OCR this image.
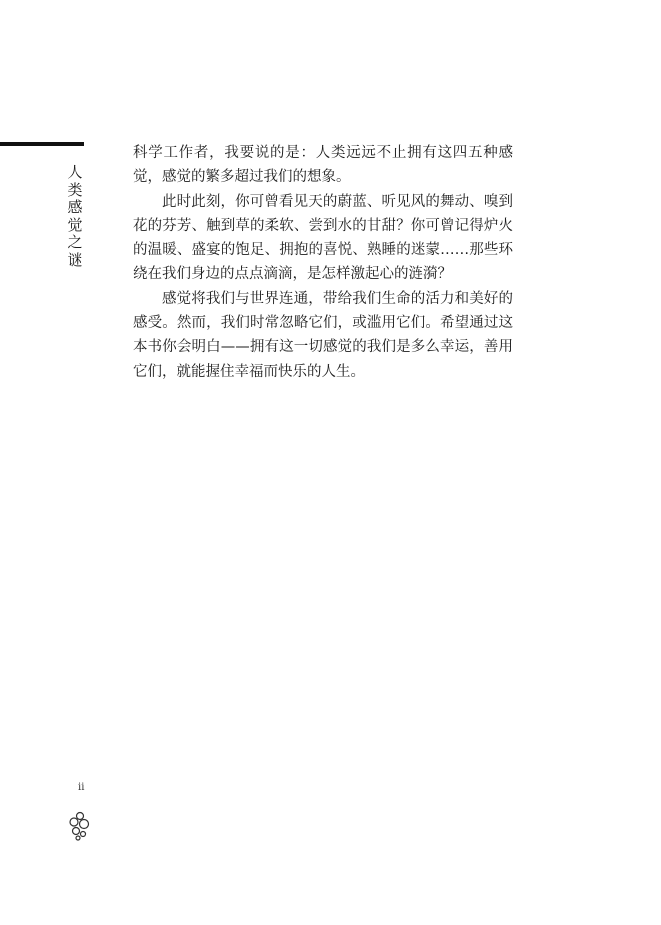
人类感觉之谜

科学工作者，我要说的是：人类远远不止拥有这四五种感觉，感觉的繁多超过我们的想象。

此时此刻，你可曾看见天的蔚蓝、听见风的舞动、嗅到花的芬芳、触到草的柔软、尝到水的甘甜？你可曾记得炉火的温暖、盛宴的饱足、拥抱的喜悦、熟睡的迷蒙……那些环绕在我们身边的点点滴滴，是怎样激起心的涟漪？

感觉将我们与世界连通，带给我们生命的活力和美好的感受。然而，我们时常忽略它们，或滥用它们。希望通过这本书你会明白——拥有这一切感觉的我们是多么幸运，善用它们，就能握住幸福而快乐的人生。

ii
